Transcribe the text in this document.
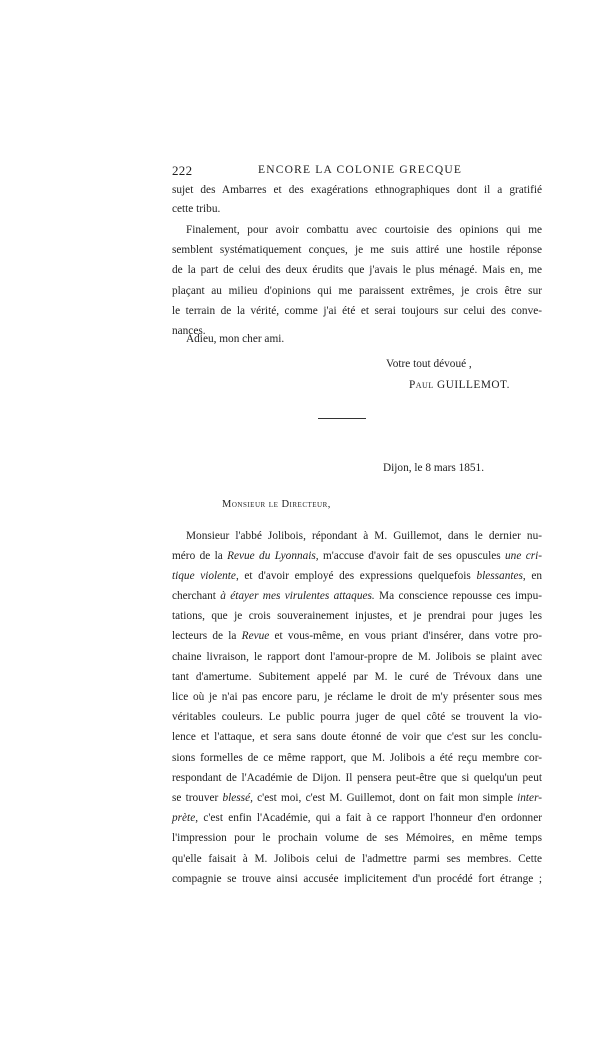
222	ENCORE LA COLONIE GRECQUE
sujet des Ambarres et des exagérations ethnographiques dont il a gratifié
cette tribu.
Finalement, pour avoir combattu avec courtoisie des opinions qui me
semblent systématiquement conçues, je me suis attiré une hostile réponse
de la part de celui des deux érudits que j'avais le plus ménagé. Mais en, me
plaçant au milieu d'opinions qui me paraissent extrêmes, je crois être sur
le terrain de la vérité, comme j'ai été et serai toujours sur celui des conve-
nances.
Adieu, mon cher ami.
Votre tout dévoué ,
Paul GUILLEMOT.
Dijon, le 8 mars 1851.
Monsieur le Directeur,
Monsieur l'abbé Jolibois, répondant à M. Guillemot, dans le dernier nu-
méro de la Revue du Lyonnais, m'accuse d'avoir fait de ses opuscules une cri-
tique violente, et d'avoir employé des expressions quelquefois blessantes, en
cherchant à étayer mes virulentes attaques. Ma conscience repousse ces impu-
tations, que je crois souverainement injustes, et je prendrai pour juges les
lecteurs de la Revue et vous-même, en vous priant d'insérer, dans votre pro-
chaine livraison, le rapport dont l'amour-propre de M. Jolibois se plaint avec
tant d'amertume. Subitement appelé par M. le curé de Trévoux dans une
lice où je n'ai pas encore paru, je réclame le droit de m'y présenter sous mes
véritables couleurs. Le public pourra juger de quel côté se trouvent la vio-
lence et l'attaque, et sera sans doute étonné de voir que c'est sur les conclu-
sions formelles de ce même rapport, que M. Jolibois a été reçu membre cor-
respondant de l'Académie de Dijon. Il pensera peut-être que si quelqu'un peut
se trouver blessé, c'est moi, c'est M. Guillemot, dont on fait mon simple inter-
prète, c'est enfin l'Académie, qui a fait à ce rapport l'honneur d'en ordonner
l'impression pour le prochain volume de ses Mémoires, en même temps
qu'elle faisait à M. Jolibois celui de l'admettre parmi ses membres. Cette
compagnie se trouve ainsi accusée implicitement d'un procédé fort étrange ;
